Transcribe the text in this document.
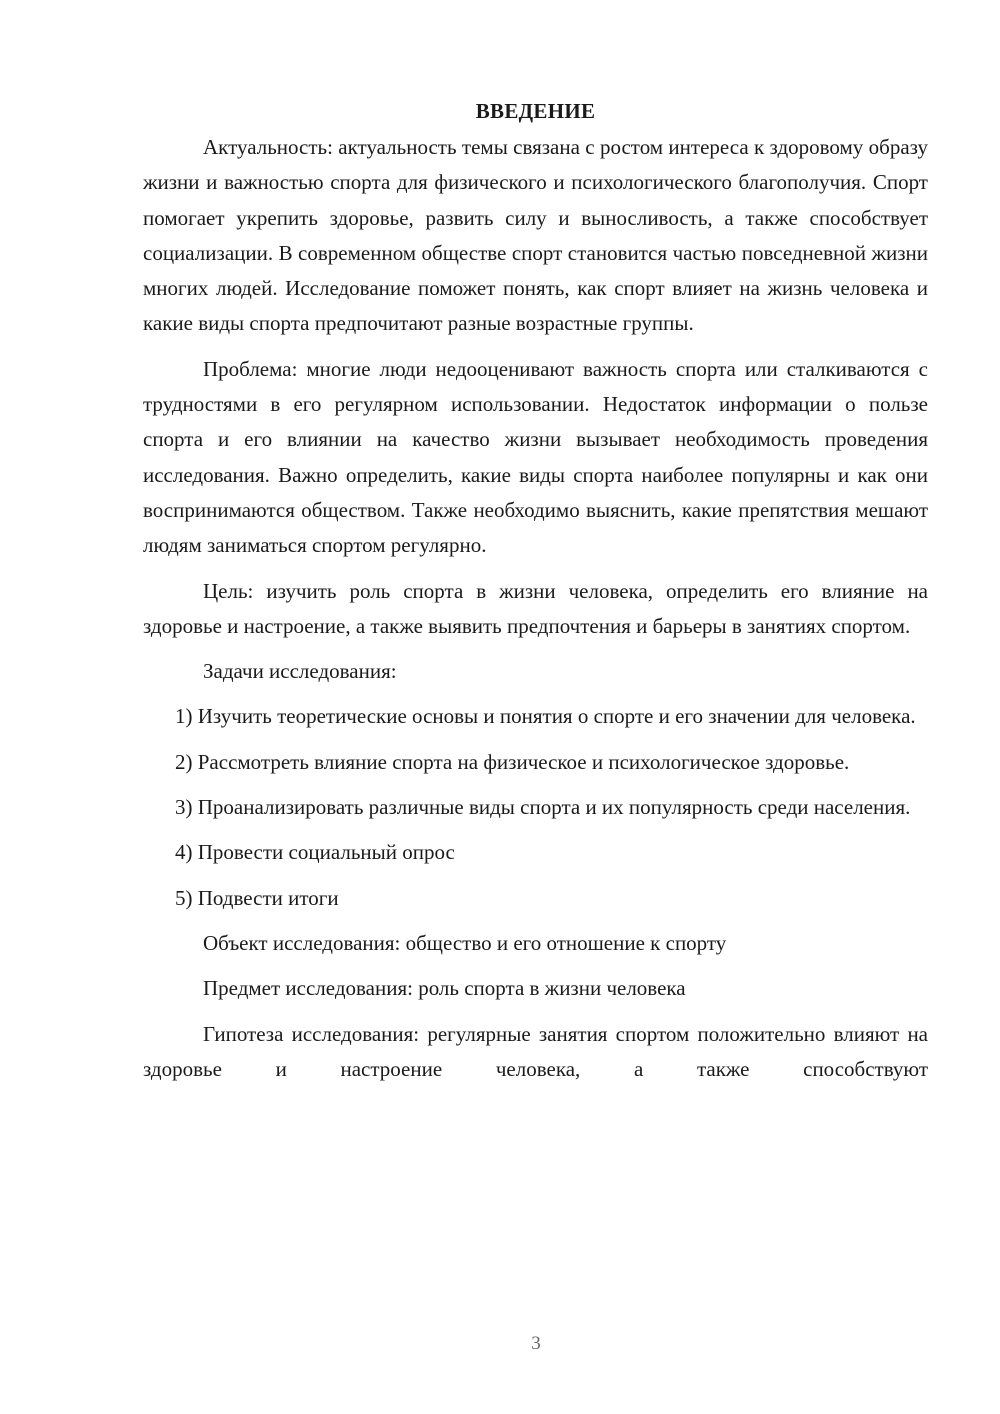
ВВЕДЕНИЕ

Актуальность: актуальность темы связана с ростом интереса к здоровому образу жизни и важностью спорта для физического и психологического благополучия. Спорт помогает укрепить здоровье, развить силу и выносливость, а также способствует социализации. В современном обществе спорт становится частью повседневной жизни многих людей. Исследование поможет понять, как спорт влияет на жизнь человека и какие виды спорта предпочитают разные возрастные группы.

Проблема: многие люди недооценивают важность спорта или сталкиваются с трудностями в его регулярном использовании. Недостаток информации о пользе спорта и его влиянии на качество жизни вызывает необходимость проведения исследования. Важно определить, какие виды спорта наиболее популярны и как они воспринимаются обществом. Также необходимо выяснить, какие препятствия мешают людям заниматься спортом регулярно.

Цель: изучить роль спорта в жизни человека, определить его влияние на здоровье и настроение, а также выявить предпочтения и барьеры в занятиях спортом.

Задачи исследования:

1) Изучить теоретические основы и понятия о спорте и его значении для человека.

2) Рассмотреть влияние спорта на физическое и психологическое здоровье.

3) Проанализировать различные виды спорта и их популярность среди населения.

4) Провести социальный опрос

5) Подвести итоги

Объект исследования: общество и его отношение к спорту

Предмет исследования: роль спорта в жизни человека

Гипотеза исследования: регулярные занятия спортом положительно влияют на здоровье и настроение человека, а также способствуют

3
